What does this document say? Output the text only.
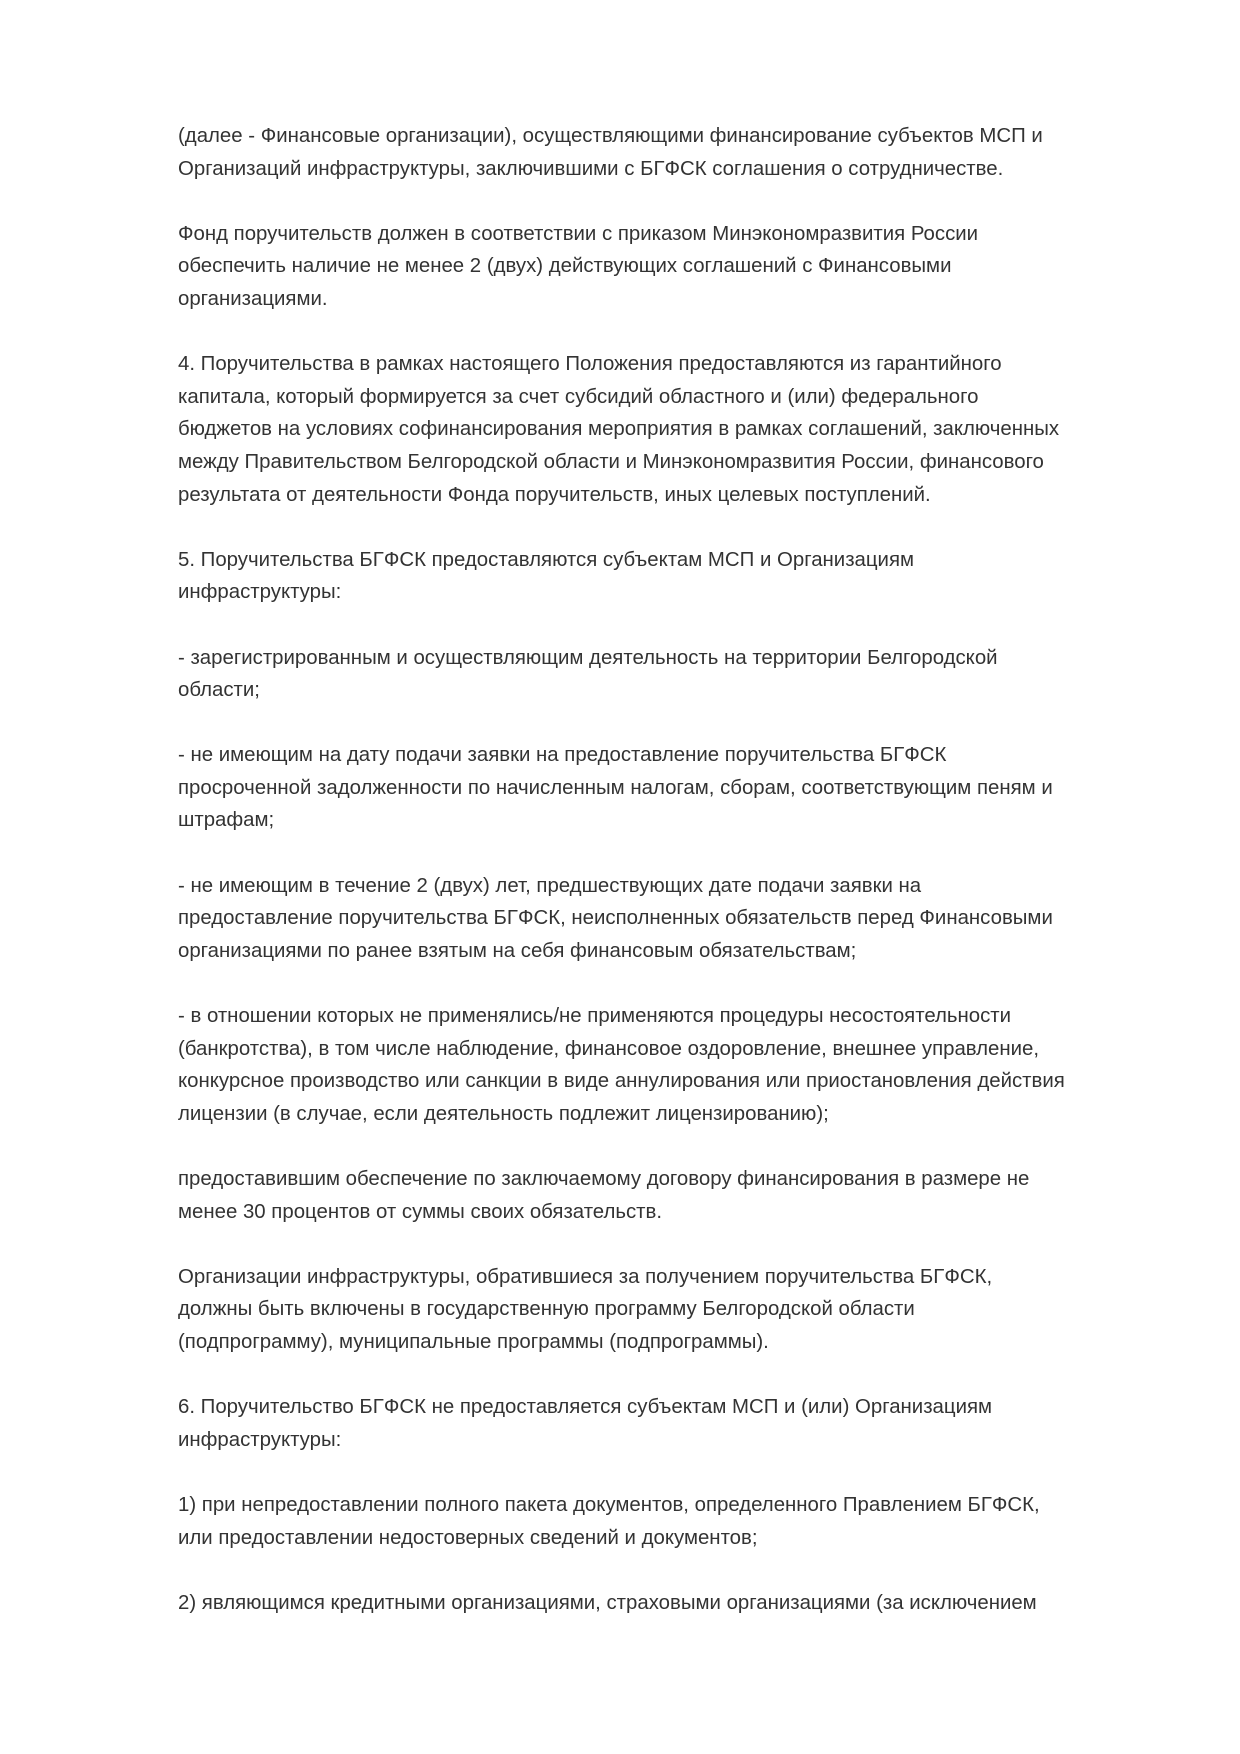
(далее - Финансовые организации), осуществляющими финансирование субъектов МСП и
Организаций инфраструктуры, заключившими с БГФСК соглашения о сотрудничестве.

Фонд поручительств должен в соответствии с приказом Минэкономразвития России
обеспечить наличие не менее 2 (двух) действующих соглашений с Финансовыми
организациями.

4. Поручительства в рамках настоящего Положения предоставляются из гарантийного
капитала, который формируется за счет субсидий областного и (или) федерального
бюджетов на условиях софинансирования мероприятия в рамках соглашений, заключенных
между Правительством Белгородской области и Минэкономразвития России, финансового
результата от деятельности Фонда поручительств, иных целевых поступлений.

5. Поручительства БГФСК предоставляются субъектам МСП и Организациям
инфраструктуры:

- зарегистрированным и осуществляющим деятельность на территории Белгородской
области;

- не имеющим на дату подачи заявки на предоставление поручительства БГФСК
просроченной задолженности по начисленным налогам, сборам, соответствующим пеням и
штрафам;

- не имеющим в течение 2 (двух) лет, предшествующих дате подачи заявки на
предоставление поручительства БГФСК, неисполненных обязательств перед Финансовыми
организациями по ранее взятым на себя финансовым обязательствам;

- в отношении которых не применялись/не применяются процедуры несостоятельности
(банкротства), в том числе наблюдение, финансовое оздоровление, внешнее управление,
конкурсное производство или санкции в виде аннулирования или приостановления действия
лицензии (в случае, если деятельность подлежит лицензированию);

предоставившим обеспечение по заключаемому договору финансирования в размере не
менее 30 процентов от суммы своих обязательств.

Организации инфраструктуры, обратившиеся за получением поручительства БГФСК,
должны быть включены в государственную программу Белгородской области
(подпрограмму), муниципальные программы (подпрограммы).

6. Поручительство БГФСК не предоставляется субъектам МСП и (или) Организациям
инфраструктуры:

1) при непредоставлении полного пакета документов, определенного Правлением БГФСК,
или предоставлении недостоверных сведений и документов;

2) являющимся кредитными организациями, страховыми организациями (за исключением
